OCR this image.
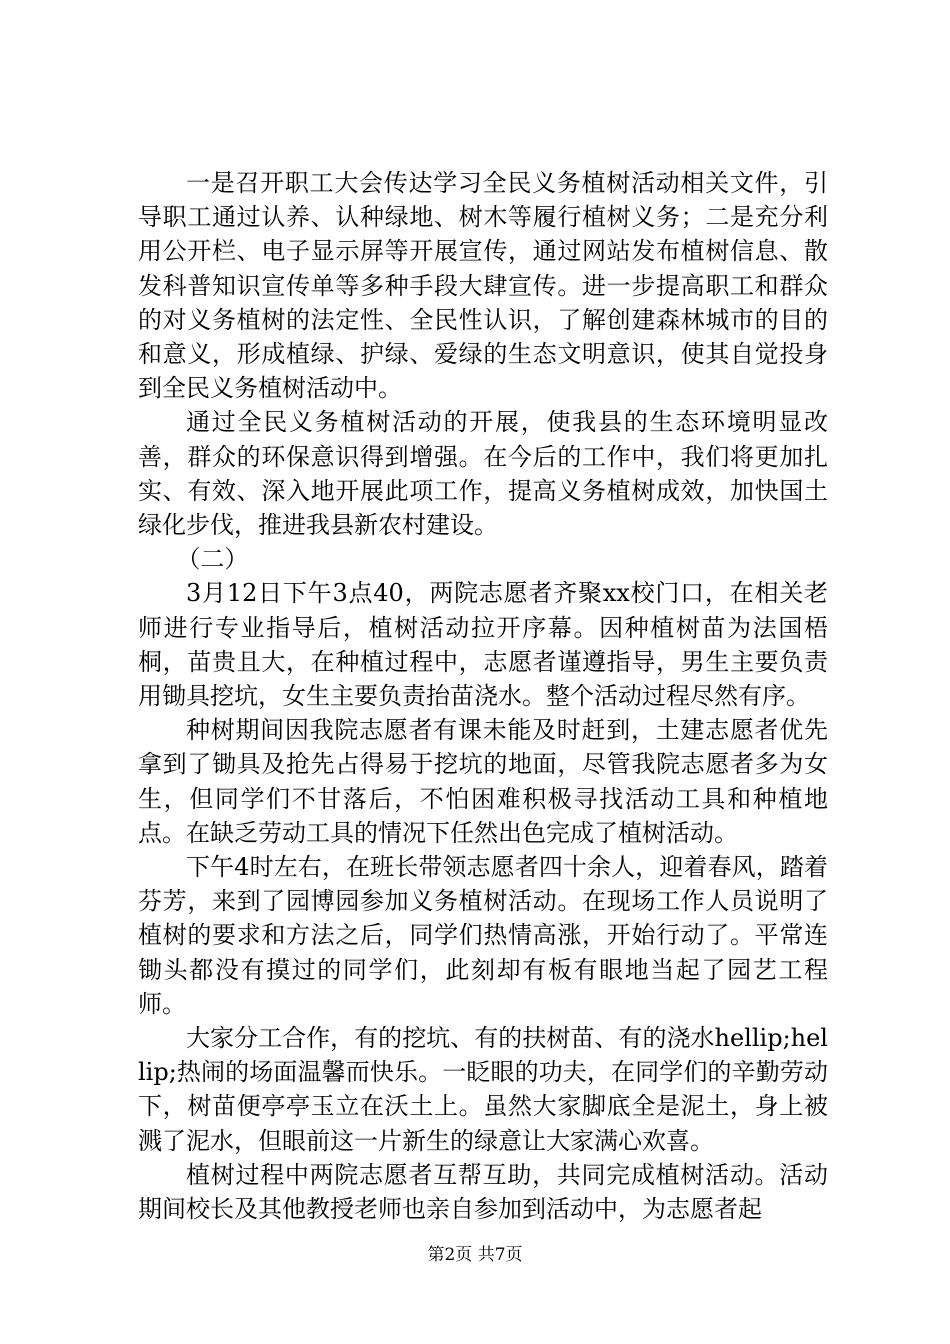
一是召开职工大会传达学习全民义务植树活动相关文件，引导职工通过认养、认种绿地、树木等履行植树义务；二是充分利用公开栏、电子显示屏等开展宣传，通过网站发布植树信息、散发科普知识宣传单等多种手段大肆宣传。进一步提高职工和群众的对义务植树的法定性、全民性认识，了解创建森林城市的目的和意义，形成植绿、护绿、爱绿的生态文明意识，使其自觉投身到全民义务植树活动中。

通过全民义务植树活动的开展，使我县的生态环境明显改善，群众的环保意识得到增强。在今后的工作中，我们将更加扎实、有效、深入地开展此项工作，提高义务植树成效，加快国土绿化步伐，推进我县新农村建设。

（二）

3月12日下午3点40，两院志愿者齐聚xx校门口，在相关老师进行专业指导后，植树活动拉开序幕。因种植树苗为法国梧桐，苗贵且大，在种植过程中，志愿者谨遵指导，男生主要负责用锄具挖坑，女生主要负责抬苗浇水。整个活动过程尽然有序。

种树期间因我院志愿者有课未能及时赶到，土建志愿者优先拿到了锄具及抢先占得易于挖坑的地面，尽管我院志愿者多为女生，但同学们不甘落后，不怕困难积极寻找活动工具和种植地点。在缺乏劳动工具的情况下任然出色完成了植树活动。

下午4时左右，在班长带领志愿者四十余人，迎着春风，踏着芬芳，来到了园博园参加义务植树活动。在现场工作人员说明了植树的要求和方法之后，同学们热情高涨，开始行动了。平常连锄头都没有摸过的同学们，此刻却有板有眼地当起了园艺工程师。

大家分工合作，有的挖坑、有的扶树苗、有的浇水hellip;hellip;热闹的场面温馨而快乐。一眨眼的功夫，在同学们的辛勤劳动下，树苗便亭亭玉立在沃土上。虽然大家脚底全是泥土，身上被溅了泥水，但眼前这一片新生的绿意让大家满心欢喜。

植树过程中两院志愿者互帮互助，共同完成植树活动。活动期间校长及其他教授老师也亲自参加到活动中，为志愿者起

第2页 共7页
